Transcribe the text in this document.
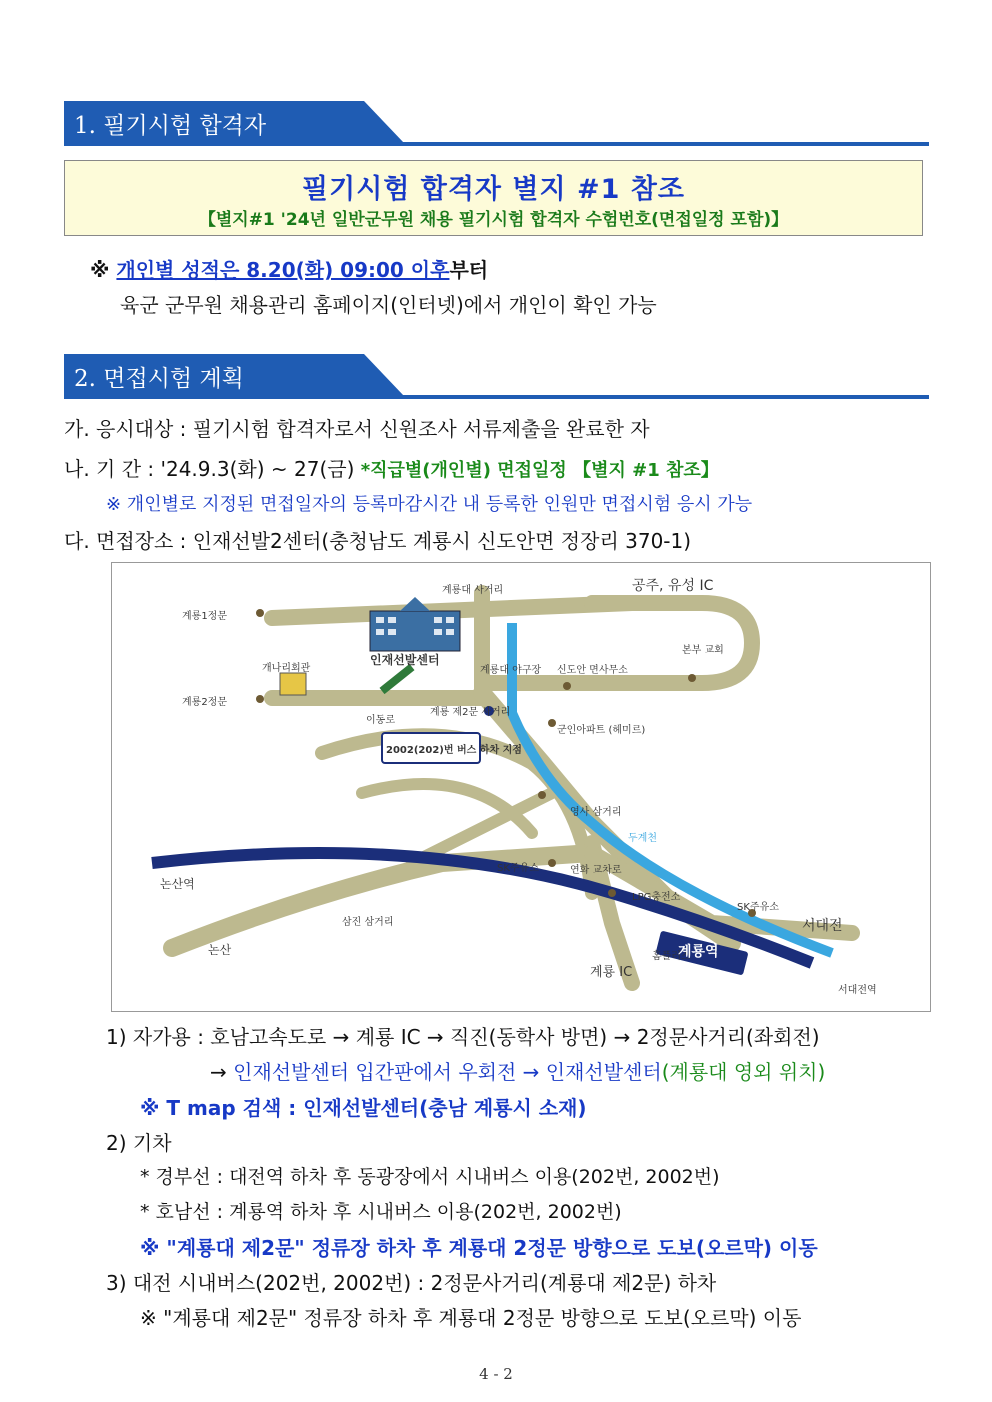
1. 필기시험 합격자
필기시험 합격자 별지 #1 참조
【별지#1 '24년 일반군무원 채용 필기시험 합격자 수험번호(면접일정 포함)】
※ 개인별 성적은 8.20(화) 09:00 이후부터
육군 군무원 채용관리 홈페이지(인터넷)에서 개인이 확인 가능
2. 면접시험 계획
가. 응시대상 : 필기시험 합격자로서 신원조사 서류제출을 완료한 자
나. 기 간 : '24.9.3(화) ~ 27(금) *직급별(개인별) 면접일정 【별지 #1 참조】
※ 개인별로 지정된 면접일자의 등록마감시간 내 등록한 인원만 면접시험 응시 가능
다. 면접장소 : 인재선발2센터(충청남도 계룡시 신도안면 정장리 370-1)
공주, 유성 IC
계룡1정문
계룡2정문
계룡대 사거리
인재선발센터
개나리회관
이동로
계룡 제2문 사거리
계룡대 야구장 신도안 면사무소
본부 교회
군인아파트 (헤미르)
2002(202)번 버스 하차 지점
영사 삼거리
두계천
SK주유소	연화 교차로
LPG충전소
SK주유소
논산역
삼진 삼거리
논산	홈플러스
계룡 IC
계룡역
서대전
서대전역
1) 자가용 : 호남고속도로 → 계룡 IC → 직진(동학사 방면) → 2정문사거리(좌회전)
→ 인재선발센터 입간판에서 우회전 → 인재선발센터(계룡대 영외 위치)
※ T map 검색 : 인재선발센터(충남 계룡시 소재)
2) 기차
* 경부선 : 대전역 하차 후 동광장에서 시내버스 이용(202번, 2002번)
* 호남선 : 계룡역 하차 후 시내버스 이용(202번, 2002번)
※ "계룡대 제2문" 정류장 하차 후 계룡대 2정문 방향으로 도보(오르막) 이동
3) 대전 시내버스(202번, 2002번) : 2정문사거리(계룡대 제2문) 하차
※ "계룡대 제2문" 정류장 하차 후 계룡대 2정문 방향으로 도보(오르막) 이동
4 - 2
